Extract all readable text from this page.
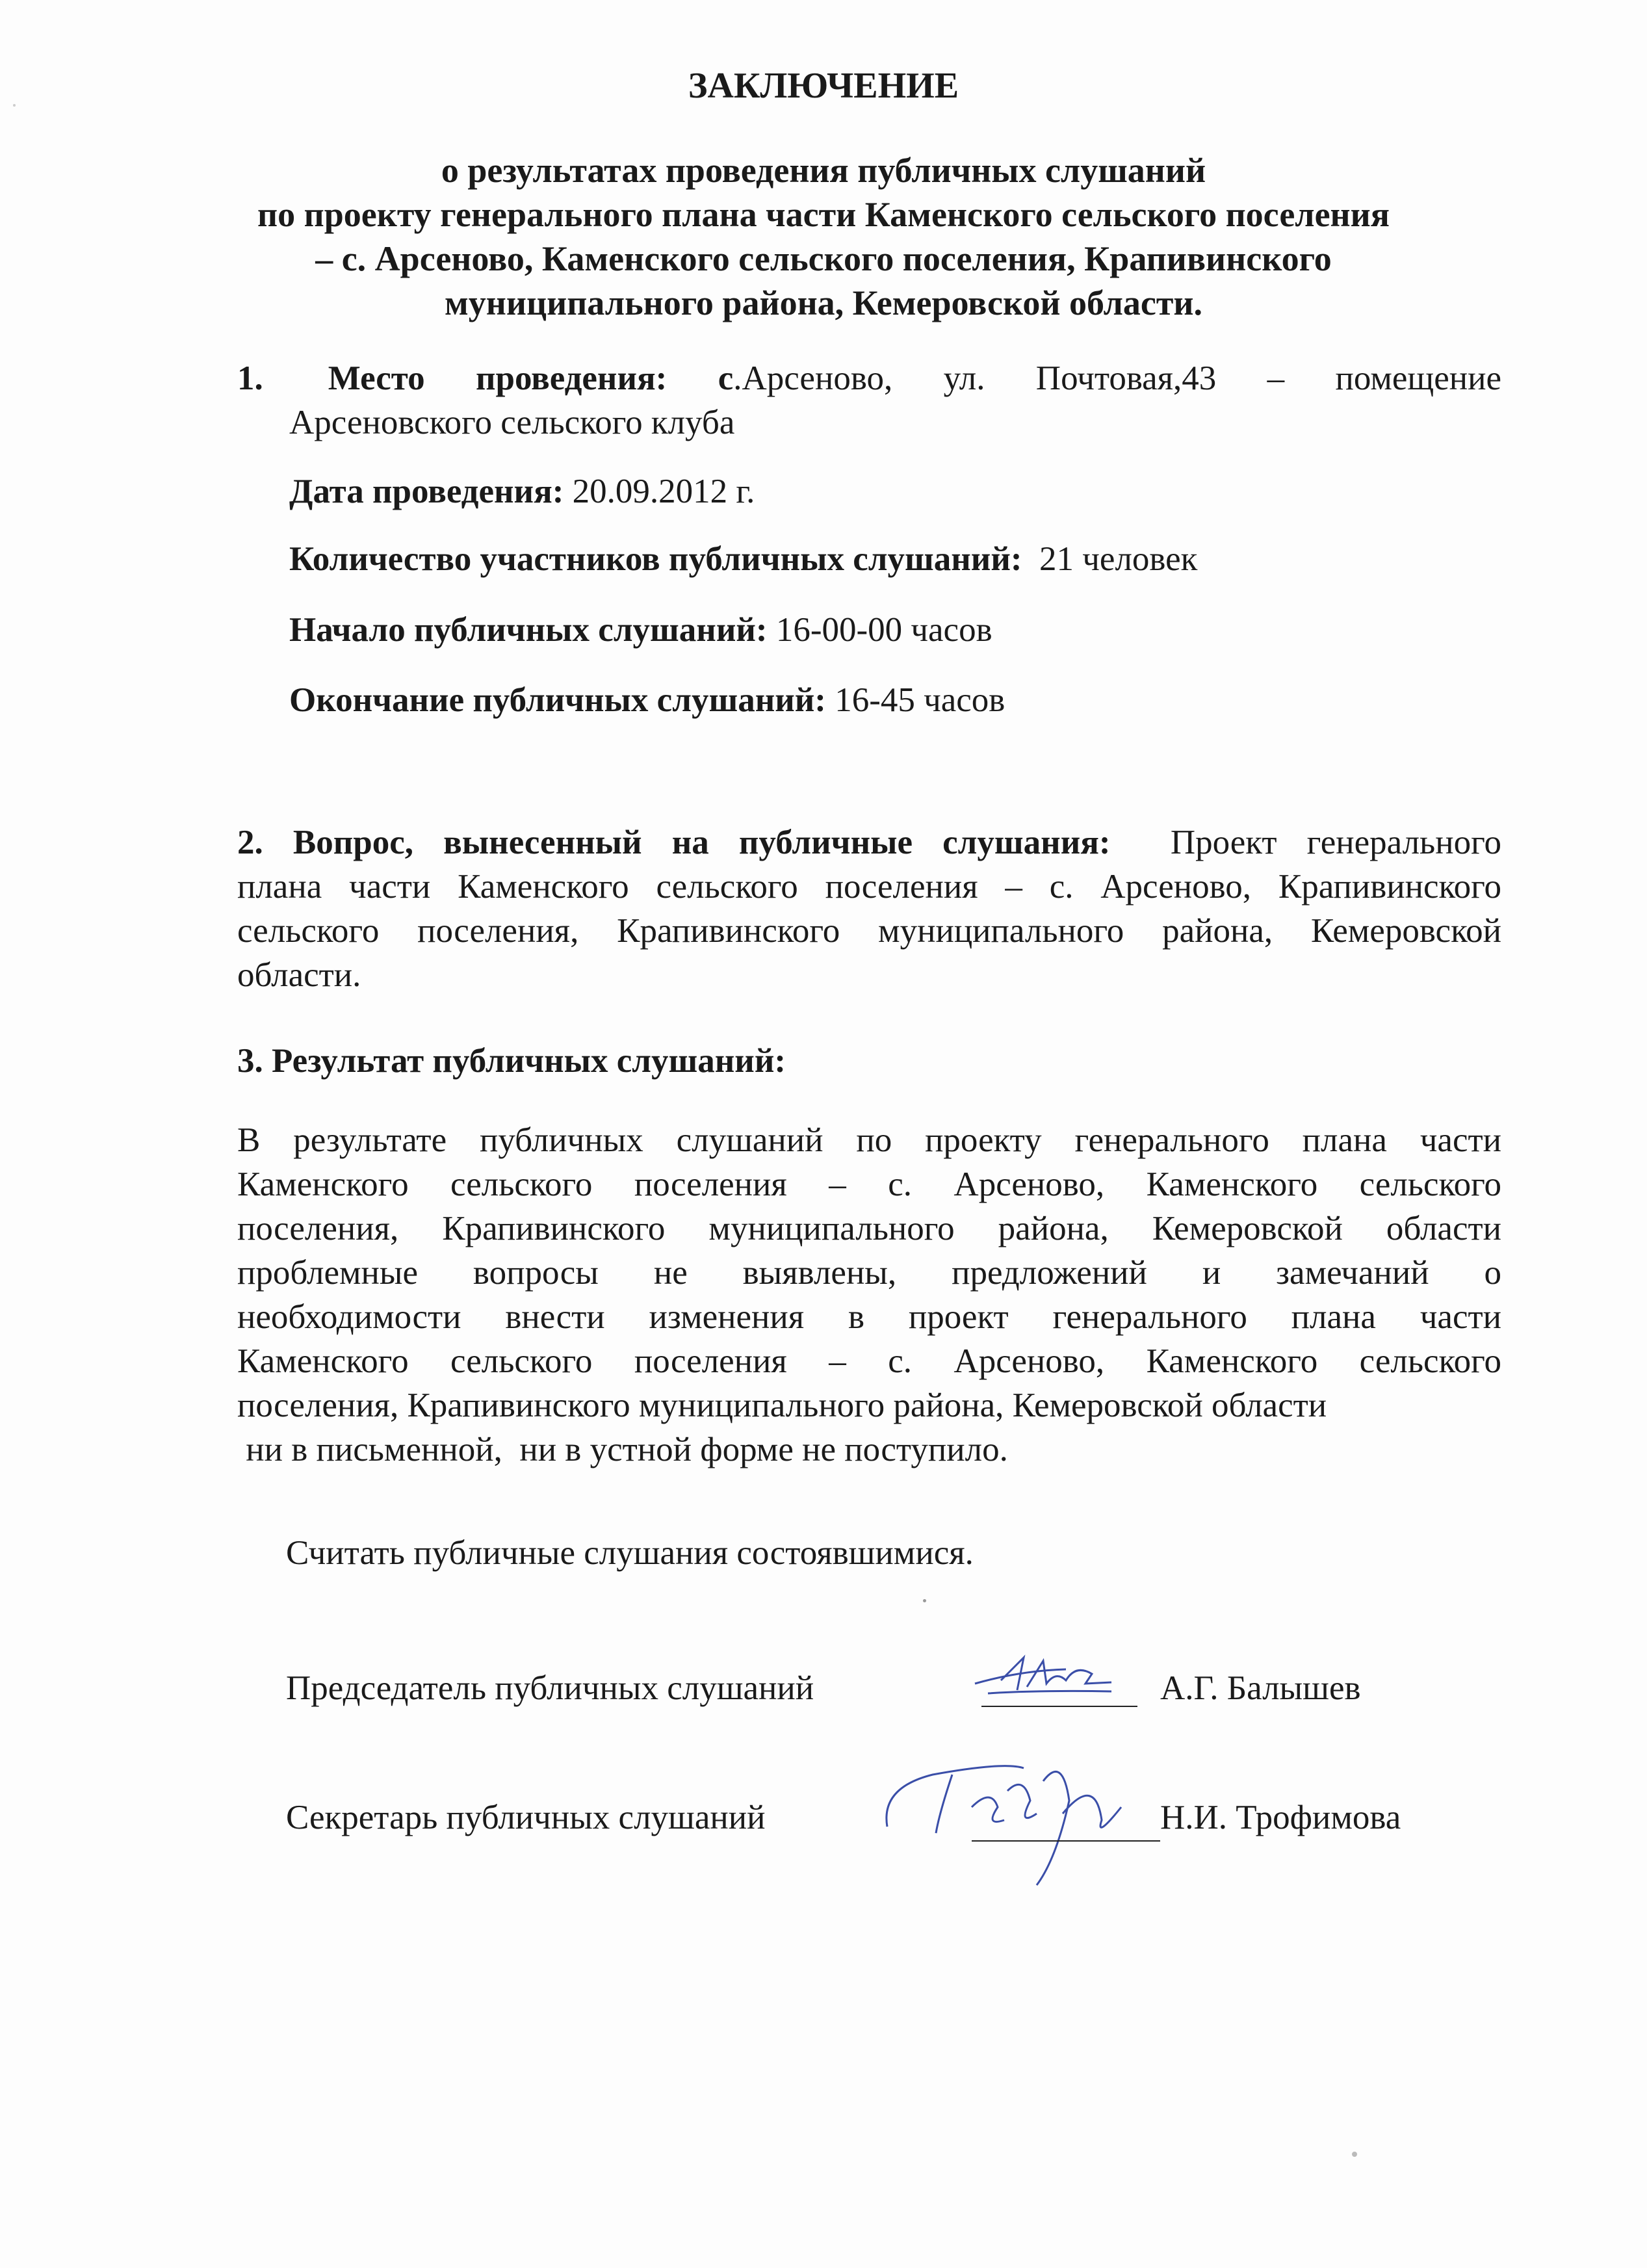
ЗАКЛЮЧЕНИЕ
о результатах проведения публичных слушаний
по проекту генерального плана части Каменского сельского поселения
– с. Арсеново, Каменского сельского поселения, Крапивинского
муниципального района, Кемеровской области.
1. Место проведения: с.Арсеново, ул. Почтовая,43 – помещение
Арсеновского сельского клуба
Дата проведения: 20.09.2012 г.
Количество участников публичных слушаний:  21 человек
Начало публичных слушаний: 16-00-00 часов
Окончание публичных слушаний: 16-45 часов
2. Вопрос, вынесенный на публичные слушания: Проект генерального
плана части Каменского сельского поселения – с. Арсеново, Крапивинского
сельского поселения, Крапивинского муниципального района, Кемеровской
области.
3. Результат публичных слушаний:
В результате публичных слушаний по проекту генерального плана части
Каменского сельского поселения – с. Арсеново, Каменского сельского
поселения, Крапивинского муниципального района, Кемеровской области
проблемные вопросы не выявлены, предложений и замечаний о
необходимости внести изменения в проект генерального плана части
Каменского сельского поселения – с. Арсеново, Каменского сельского
поселения, Крапивинского муниципального района, Кемеровской области
ни в письменной,  ни в устной форме не поступило.
Считать публичные слушания состоявшимися.
Председатель публичных слушаний	А.Г. Балышев
Секретарь публичных слушаний	Н.И. Трофимова
